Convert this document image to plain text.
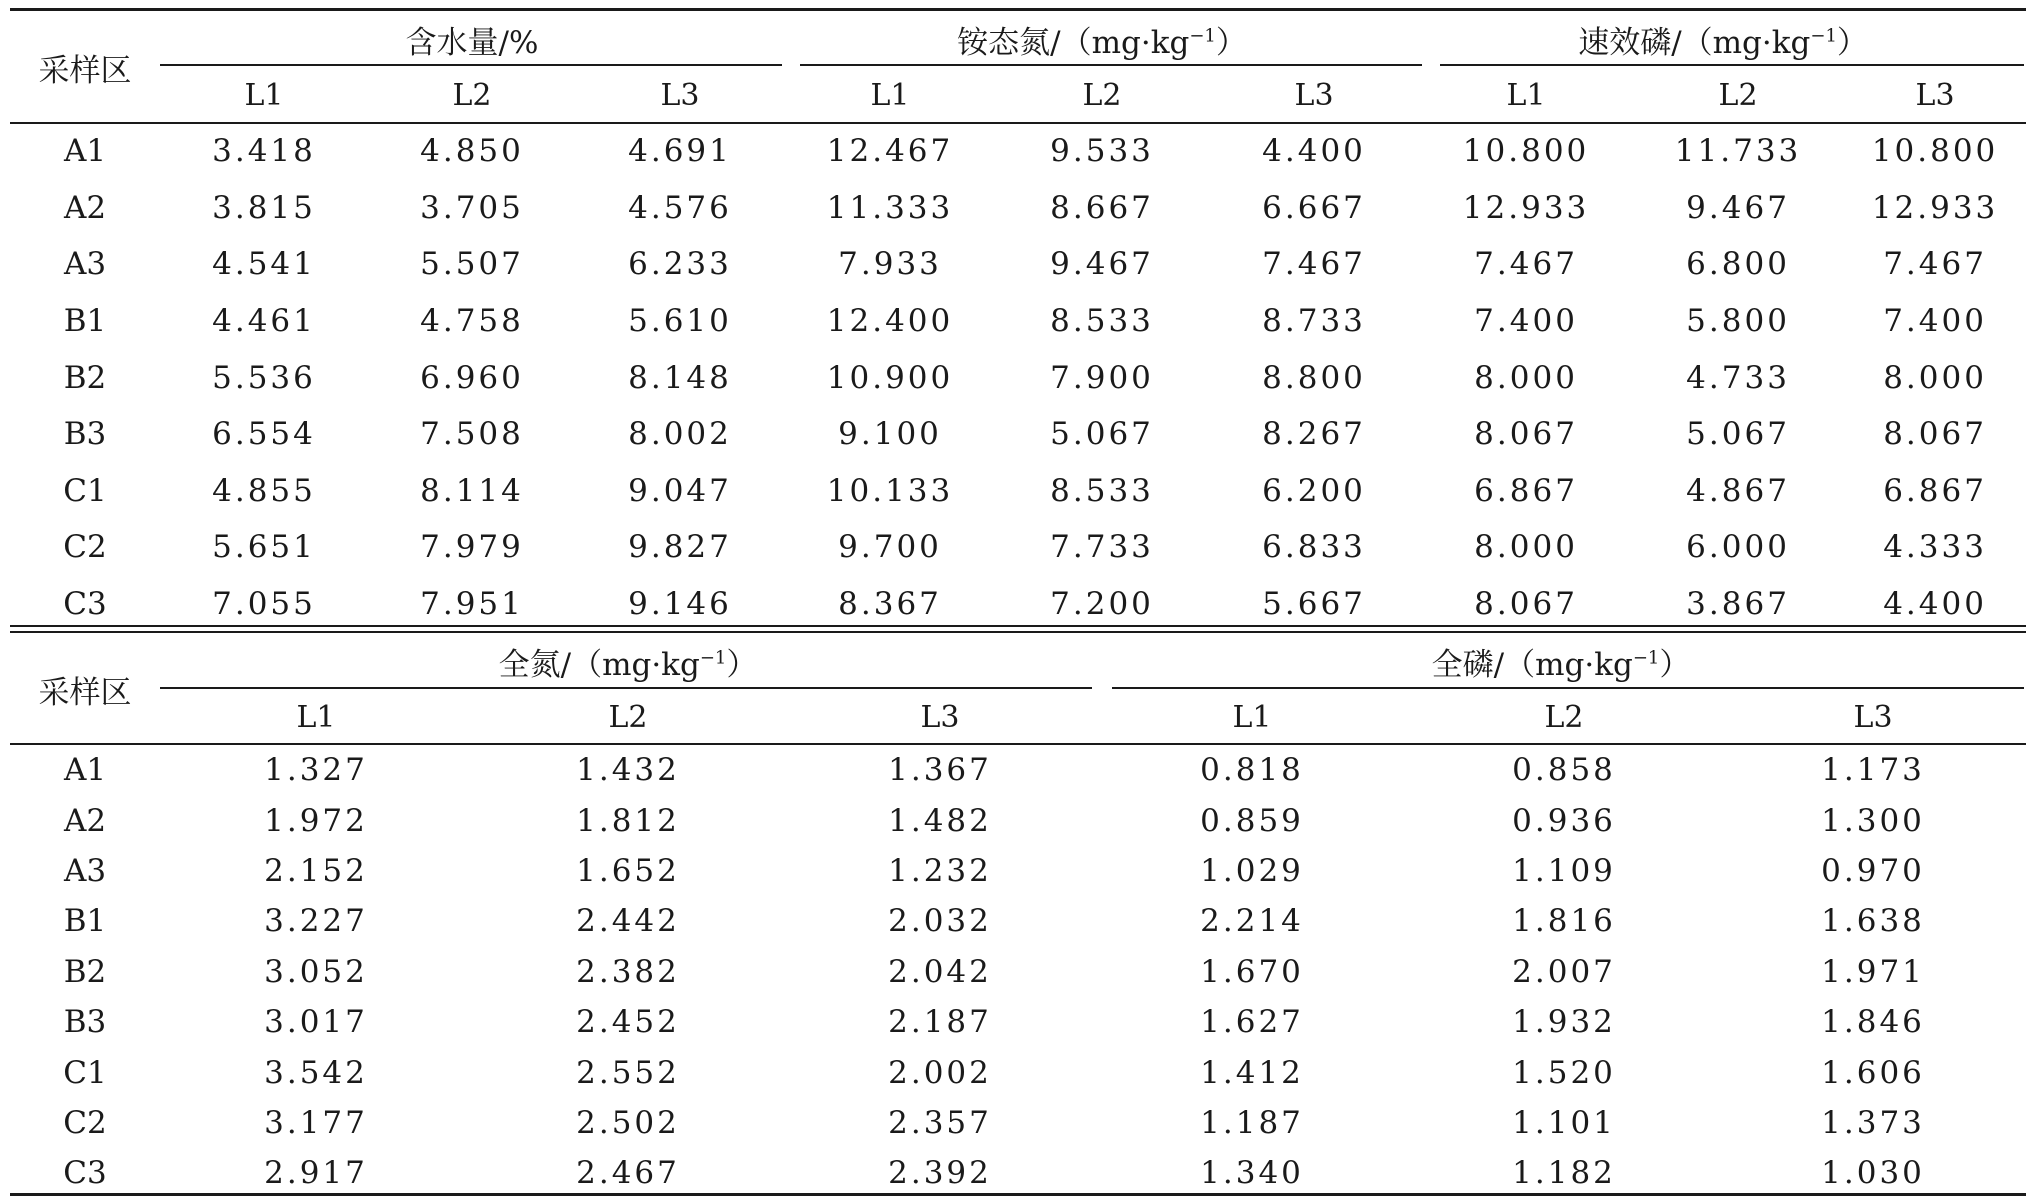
采样区	含水量/%			铵态氮$/(mg\cdot kg^{-1})$			速效磷$/(mg\cdot kg^{-1})$		
	L1	L2	L3	L1	L2	L3	L1	L2	L3
A1	3.418	4.850	4.691	12.467	9.533	4.400	10.800	11.733	10.800
A2	3.815	3.705	4.576	11.333	8.667	6.667	12.933	9.467	12.933
A3	4.541	5.507	6.233	7.933	9.467	7.467	7.467	6.800	7.467
B1	4.461	4.758	5.610	12.400	8.533	8.733	7.400	5.800	7.400
B2	5.536	6.960	8.148	10.900	7.900	8.800	8.000	4.733	8.000
B3	6.554	7.508	8.002	9.100	5.067	8.267	8.067	5.067	8.067
C1	4.855	8.114	9.047	10.133	8.533	6.200	6.867	4.867	6.867
C2	5.651	7.979	9.827	9.700	7.733	6.833	8.000	6.000	4.333
C3	7.055	7.951	9.146	8.367	7.200	5.667	8.067	3.867	4.400
采样区	全氮$/(mg\cdot kg^{-1})$			全磷$/(mg\cdot kg^{-1})$		
	L1	L2	L3	L1	L2	L3
A1	1.327	1.432	1.367	0.818	0.858	1.173
A2	1.972	1.812	1.482	0.859	0.936	1.300
A3	2.152	1.652	1.232	1.029	1.109	0.970
B1	3.227	2.442	2.032	2.214	1.816	1.638
B2	3.052	2.382	2.042	1.670	2.007	1.971
B3	3.017	2.452	2.187	1.627	1.932	1.846
C1	3.542	2.552	2.002	1.412	1.520	1.606
C2	3.177	2.502	2.357	1.187	1.101	1.373
C3	2.917	2.467	2.392	1.340	1.182	1.030
